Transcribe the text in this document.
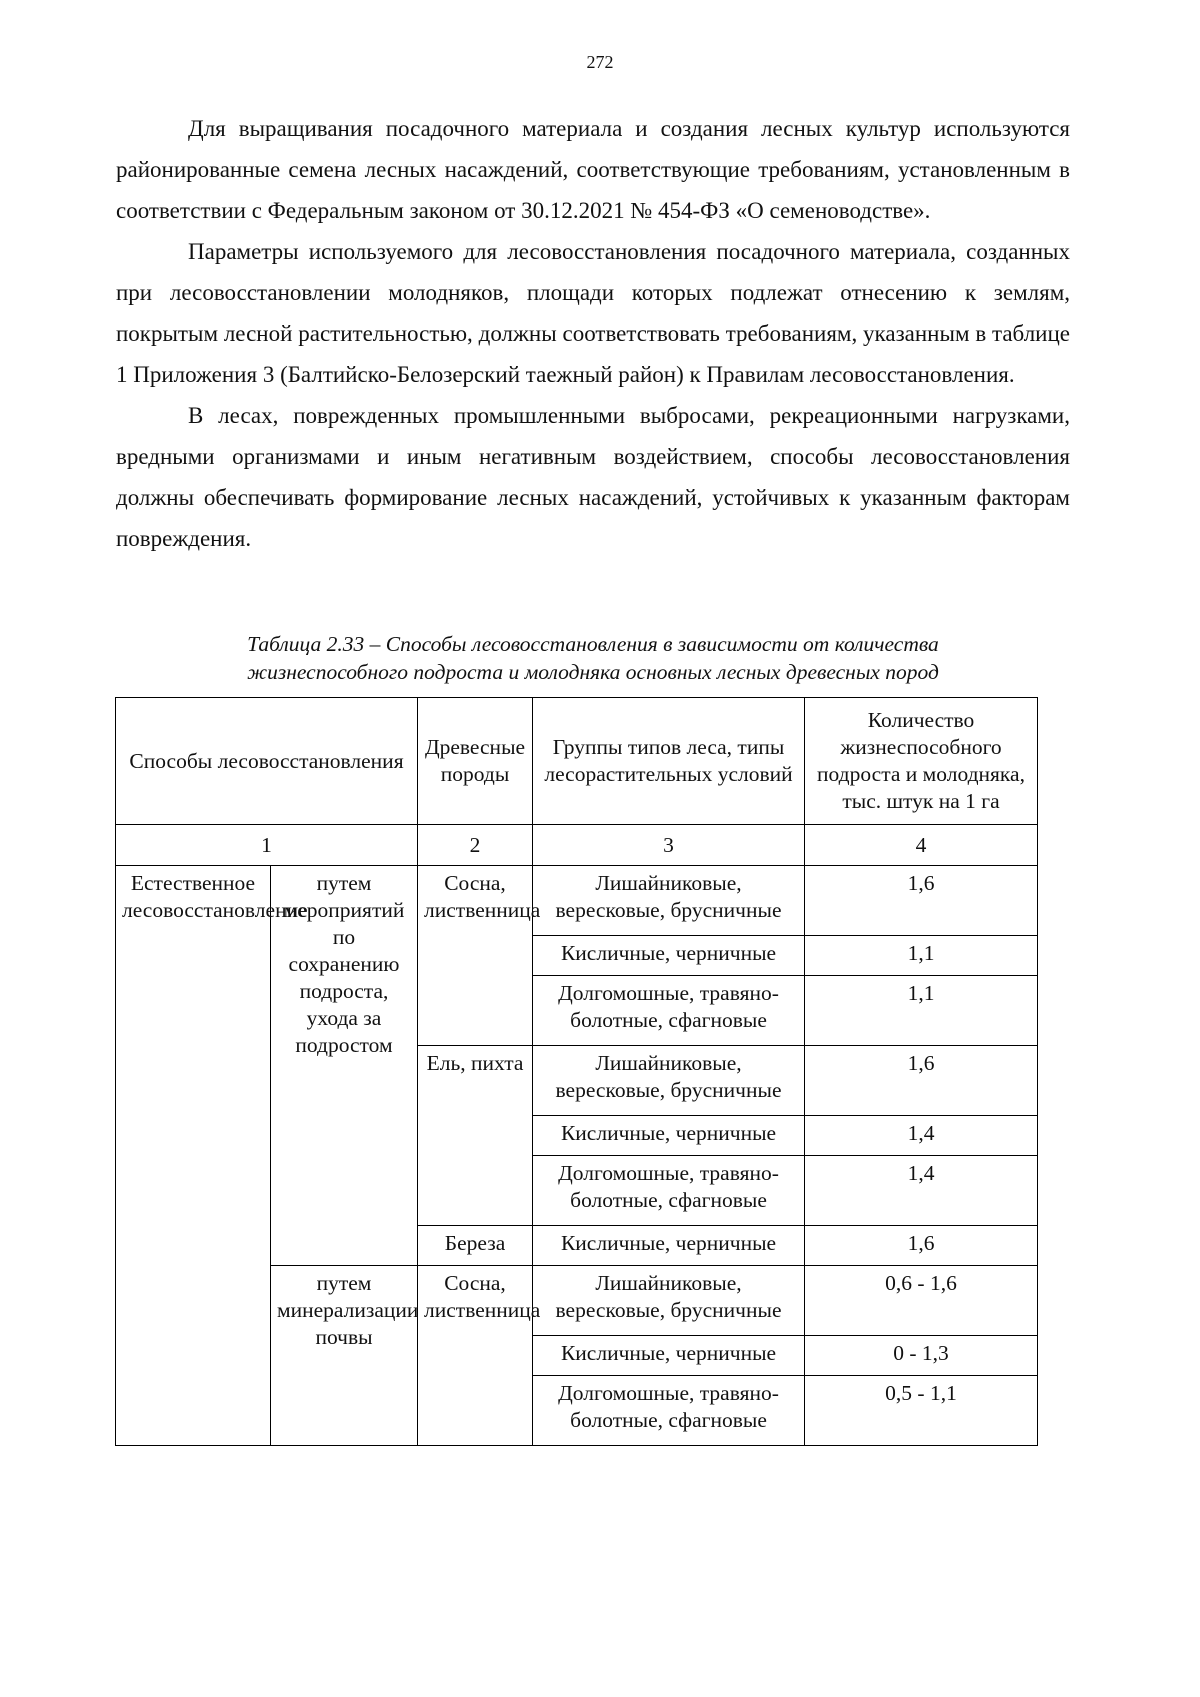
272

Для выращивания посадочного материала и создания лесных культур используются районированные семена лесных насаждений, соответствующие требованиям, установленным в соответствии с Федеральным законом от 30.12.2021 № 454-ФЗ «О семеноводстве».

Параметры используемого для лесовосстановления посадочного материала, созданных при лесовосстановлении молодняков, площади которых подлежат отнесению к землям, покрытым лесной растительностью, должны соответствовать требованиям, указанным в таблице 1 Приложения 3 (Балтийско-Белозерский таежный район) к Правилам лесовосстановления.

В лесах, поврежденных промышленными выбросами, рекреационными нагрузками, вредными организмами и иным негативным воздействием, способы лесовосстановления должны обеспечивать формирование лесных насаждений, устойчивых к указанным факторам повреждения.

Таблица 2.33 – Способы лесовосстановления в зависимости от количества
жизнеспособного подроста и молодняка основных лесных древесных пород
Способы лесовосстановления		Древесные породы	Группы типов леса, типы лесорастительных условий	Количество жизнеспособного подроста и молодняка, тыс. штук на 1 га
1		2	3	4
Естественное лесовосстановление	путем мероприятий по сохранению подроста, ухода за подростом	Сосна, лиственница	Лишайниковые, вересковые, брусничные	1,6
			Кисличные, черничные	1,1
			Долгомошные, травяно-болотные, сфагновые	1,1
		Ель, пихта	Лишайниковые, вересковые, брусничные	1,6
			Кисличные, черничные	1,4
			Долгомошные, травяно-болотные, сфагновые	1,4
		Береза	Кисличные, черничные	1,6
	путем минерализации почвы	Сосна, лиственница	Лишайниковые, вересковые, брусничные	0,6 - 1,6
			Кисличные, черничные	0 - 1,3
			Долгомошные, травяно-болотные, сфагновые	0,5 - 1,1
